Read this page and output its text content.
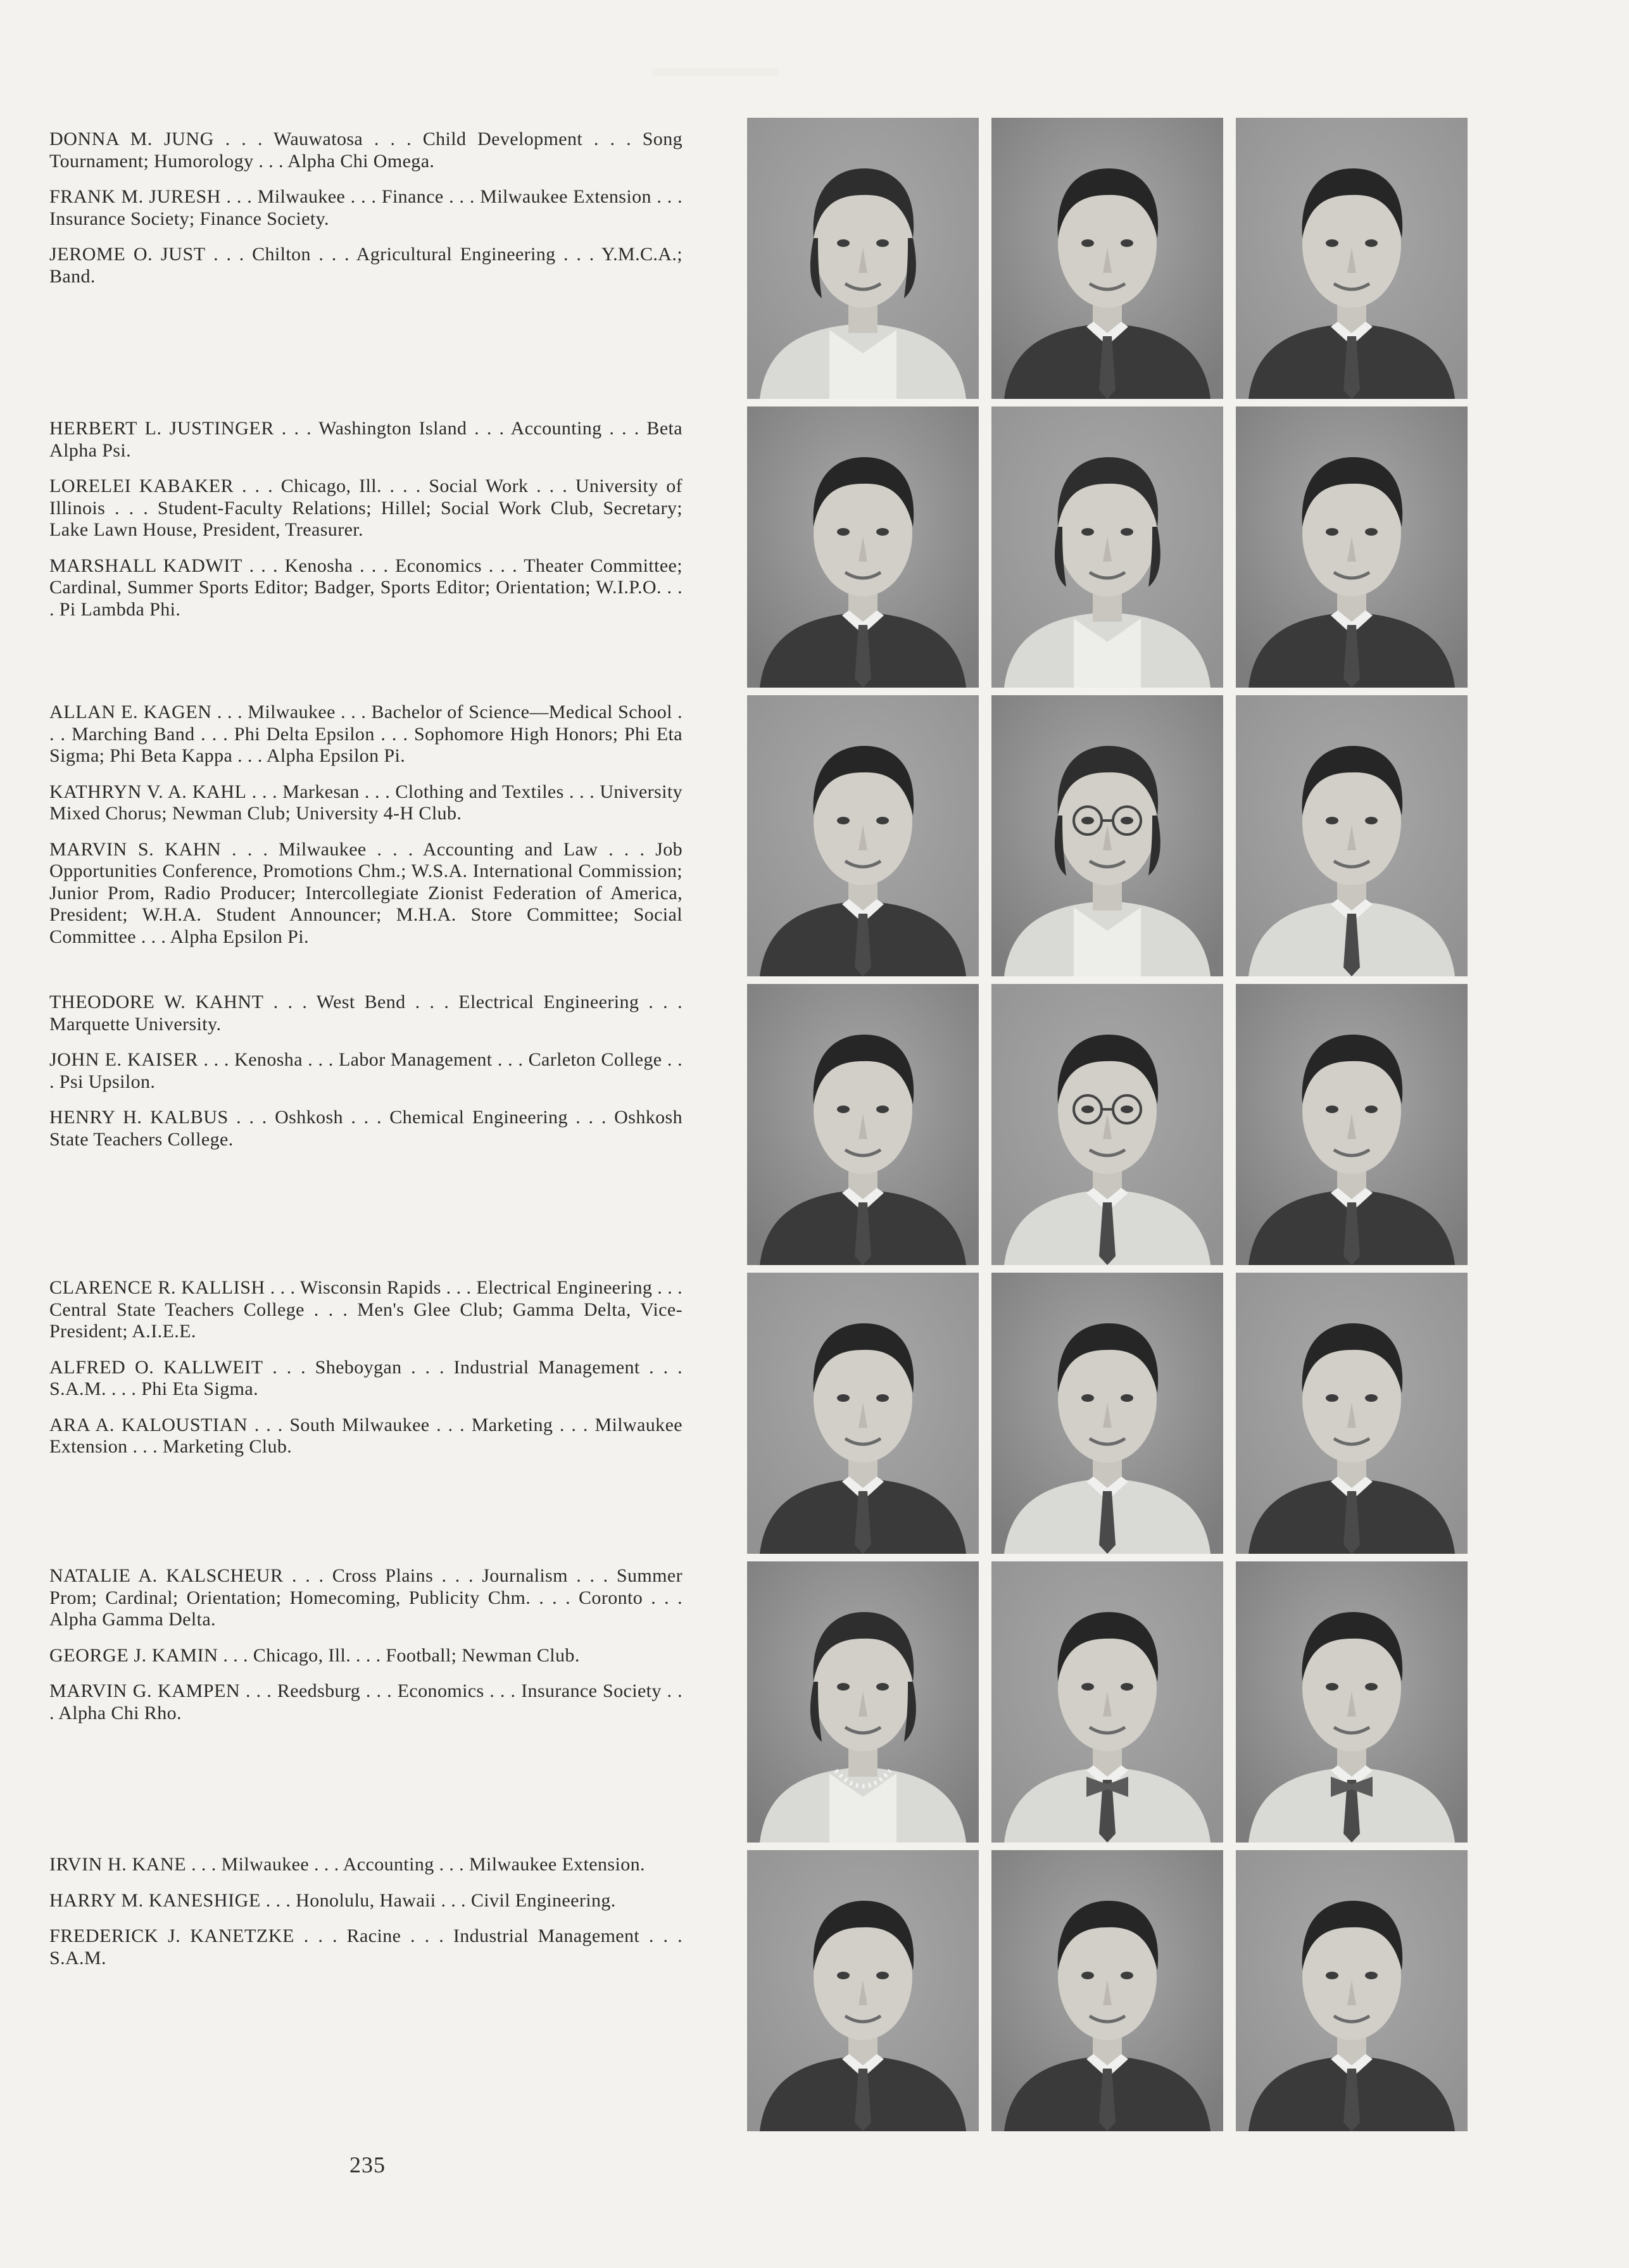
DONNA M. JUNG . . . Wauwatosa . . . Child Development . . . Song Tournament; Humorology . . . Alpha Chi Omega.

FRANK M. JURESH . . . Milwaukee . . . Finance . . . Milwaukee Extension . . . Insurance Society; Finance Society.

JEROME O. JUST . . . Chilton . . . Agricultural Engineering . . . Y.M.C.A.; Band.

HERBERT L. JUSTINGER . . . Washington Island . . . Accounting . . . Beta Alpha Psi.

LORELEI KABAKER . . . Chicago, Ill. . . . Social Work . . . University of Illinois . . . Student-Faculty Relations; Hillel; Social Work Club, Secretary; Lake Lawn House, President, Treasurer.

MARSHALL KADWIT . . . Kenosha . . . Economics . . . Theater Committee; Cardinal, Summer Sports Editor; Badger, Sports Editor; Orientation; W.I.P.O. . . . Pi Lambda Phi.

ALLAN E. KAGEN . . . Milwaukee . . . Bachelor of Science—Medical School . . . Marching Band . . . Phi Delta Epsilon . . . Sophomore High Honors; Phi Eta Sigma; Phi Beta Kappa . . . Alpha Epsilon Pi.

KATHRYN V. A. KAHL . . . Markesan . . . Clothing and Textiles . . . University Mixed Chorus; Newman Club; University 4-H Club.

MARVIN S. KAHN . . . Milwaukee . . . Accounting and Law . . . Job Opportunities Conference, Promotions Chm.; W.S.A. International Commission; Junior Prom, Radio Producer; Intercollegiate Zionist Federation of America, President; W.H.A. Student Announcer; M.H.A. Store Committee; Social Committee . . . Alpha Epsilon Pi.

THEODORE W. KAHNT . . . West Bend . . . Electrical Engineering . . . Marquette University.

JOHN E. KAISER . . . Kenosha . . . Labor Management . . . Carleton College . . . Psi Upsilon.

HENRY H. KALBUS . . . Oshkosh . . . Chemical Engineering . . . Oshkosh State Teachers College.

CLARENCE R. KALLISH . . . Wisconsin Rapids . . . Electrical Engineering . . . Central State Teachers College . . . Men's Glee Club; Gamma Delta, Vice-President; A.I.E.E.

ALFRED O. KALLWEIT . . . Sheboygan . . . Industrial Management . . . S.A.M. . . . Phi Eta Sigma.

ARA A. KALOUSTIAN . . . South Milwaukee . . . Marketing . . . Milwaukee Extension . . . Marketing Club.

NATALIE A. KALSCHEUR . . . Cross Plains . . . Journalism . . . Summer Prom; Cardinal; Orientation; Homecoming, Publicity Chm. . . . Coronto . . . Alpha Gamma Delta.

GEORGE J. KAMIN . . . Chicago, Ill. . . . Football; Newman Club.

MARVIN G. KAMPEN . . . Reedsburg . . . Economics . . . Insurance Society . . . Alpha Chi Rho.

IRVIN H. KANE . . . Milwaukee . . . Accounting . . . Milwaukee Extension.

HARRY M. KANESHIGE . . . Honolulu, Hawaii . . . Civil Engineering.

FREDERICK J. KANETZKE . . . Racine . . . Industrial Management . . . S.A.M.

235
